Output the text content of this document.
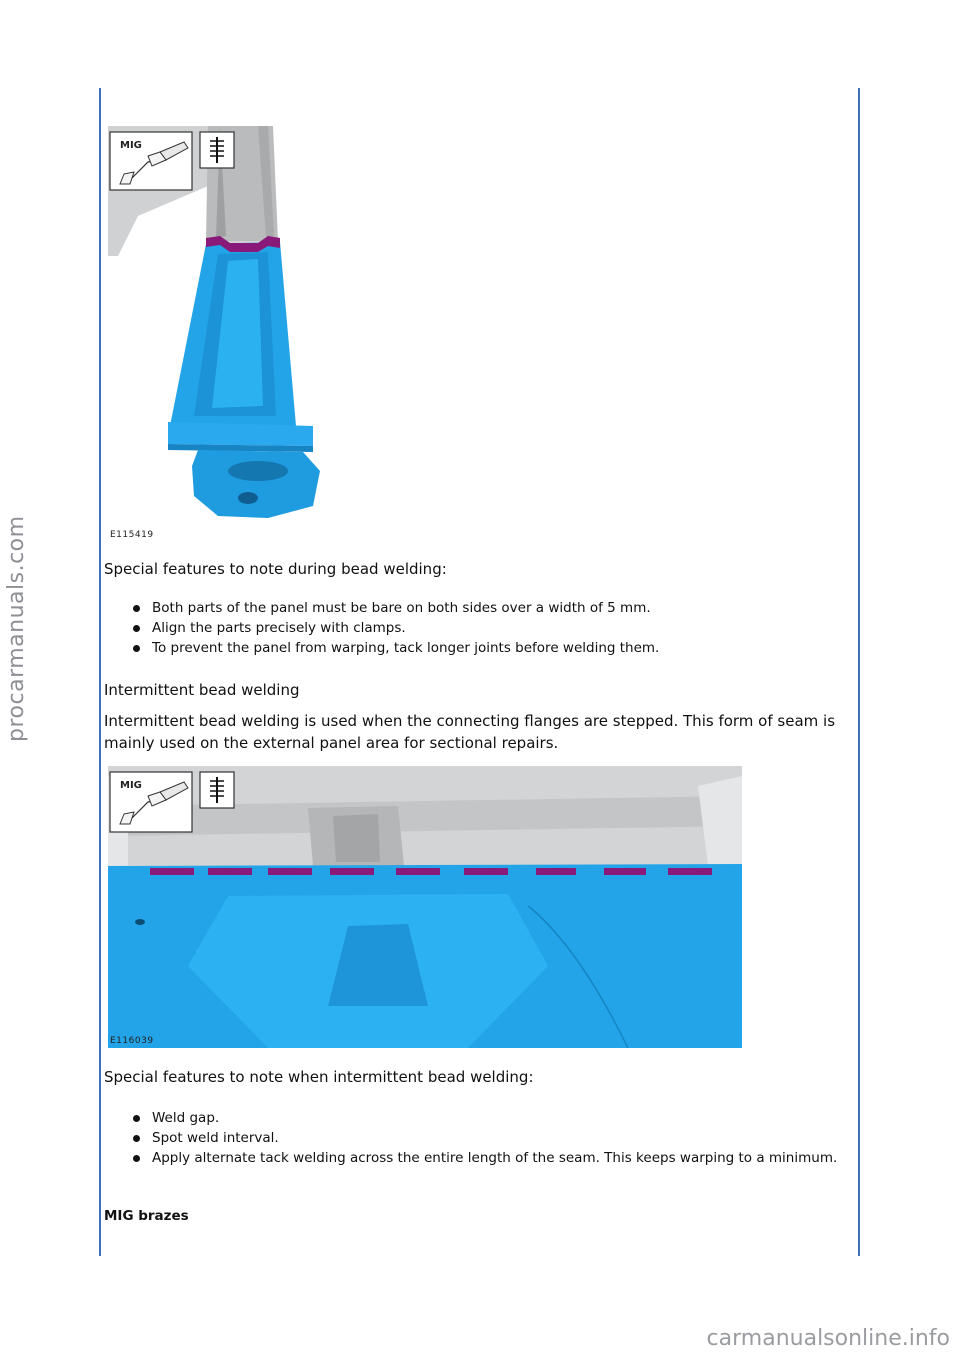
procarmanuals.com
carmanualsonline.info
MIG
E115419

Special features to note during bead welding:

Both parts of the panel must be bare on both sides over a width of 5 mm.
Align the parts precisely with clamps.
To prevent the panel from warping, tack longer joints before welding them.

Intermittent bead welding

Intermittent bead welding is used when the connecting flanges are stepped. This form of seam is mainly used on the external panel area for sectional repairs.

MIG
E116039

Special features to note when intermittent bead welding:

Weld gap.
Spot weld interval.
Apply alternate tack welding across the entire length of the seam. This keeps warping to a minimum.

MIG brazes
